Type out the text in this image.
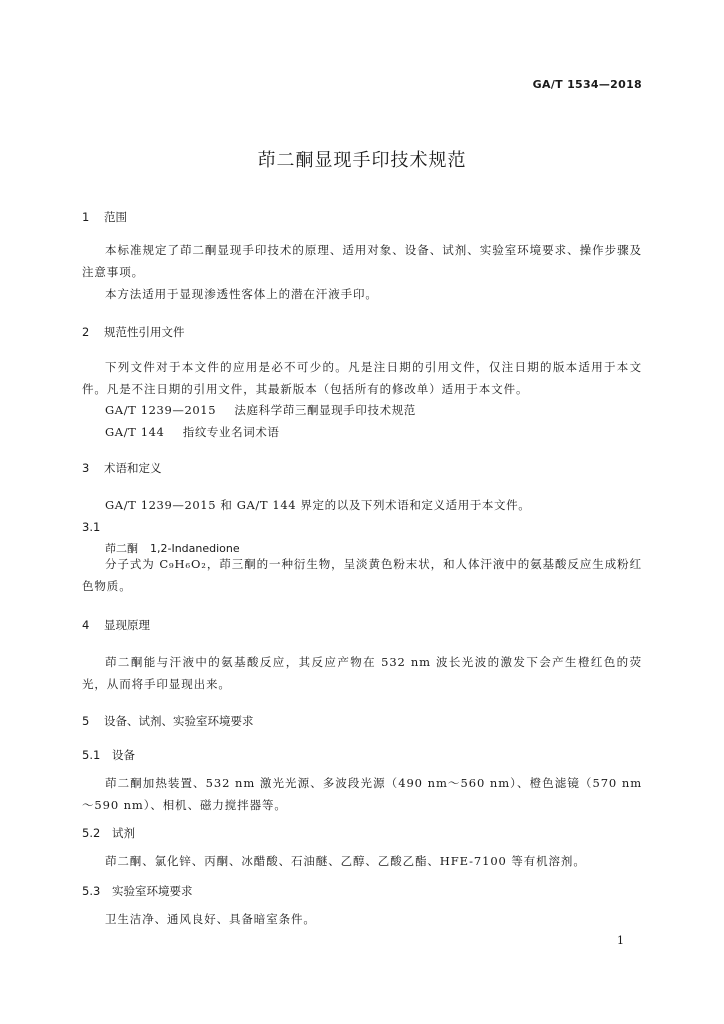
GA/T 1534—2018
茚二酮显现手印技术规范
1 范围
本标准规定了茚二酮显现手印技术的原理、适用对象、设备、试剂、实验室环境要求、操作步骤及注意事项。
本方法适用于显现渗透性客体上的潜在汗液手印。
2 规范性引用文件
下列文件对于本文件的应用是必不可少的。凡是注日期的引用文件，仅注日期的版本适用于本文件。凡是不注日期的引用文件，其最新版本（包括所有的修改单）适用于本文件。
GA/T 1239—2015 法庭科学茚三酮显现手印技术规范
GA/T 144 指纹专业名词术语
3 术语和定义
GA/T 1239—2015 和 GA/T 144 界定的以及下列术语和定义适用于本文件。
3.1
茚二酮 1,2-Indanedione
分子式为 C₉H₆O₂，茚三酮的一种衍生物，呈淡黄色粉末状，和人体汗液中的氨基酸反应生成粉红色物质。
4 显现原理
茚二酮能与汗液中的氨基酸反应，其反应产物在 532 nm 波长光波的激发下会产生橙红色的荧光，从而将手印显现出来。
5 设备、试剂、实验室环境要求
5.1 设备
茚二酮加热装置、532 nm 激光光源、多波段光源（490 nm～560 nm）、橙色滤镜（570 nm～590 nm）、相机、磁力搅拌器等。
5.2 试剂
茚二酮、氯化锌、丙酮、冰醋酸、石油醚、乙醇、乙酸乙酯、HFE-7100 等有机溶剂。
5.3 实验室环境要求
卫生洁净、通风良好、具备暗室条件。
1
